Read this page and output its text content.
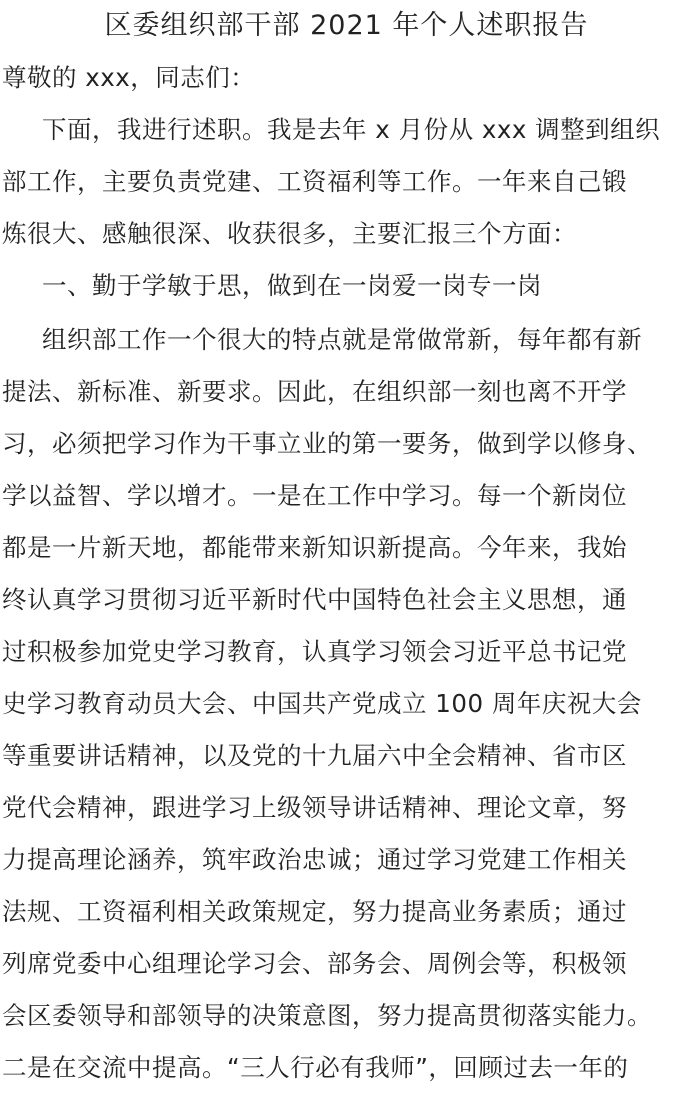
区委组织部干部 2021 年个人述职报告
尊敬的 xxx，同志们：
下面，我进行述职。我是去年 x 月份从 xxx 调整到组织
部工作，主要负责党建、工资福利等工作。一年来自己锻
炼很大、感触很深、收获很多，主要汇报三个方面：
一、勤于学敏于思，做到在一岗爱一岗专一岗
组织部工作一个很大的特点就是常做常新，每年都有新
提法、新标准、新要求。因此，在组织部一刻也离不开学
习，必须把学习作为干事立业的第一要务，做到学以修身、
学以益智、学以增才。一是在工作中学习。每一个新岗位
都是一片新天地，都能带来新知识新提高。今年来，我始
终认真学习贯彻习近平新时代中国特色社会主义思想，通
过积极参加党史学习教育，认真学习领会习近平总书记党
史学习教育动员大会、中国共产党成立 100 周年庆祝大会
等重要讲话精神，以及党的十九届六中全会精神、省市区
党代会精神，跟进学习上级领导讲话精神、理论文章，努
力提高理论涵养，筑牢政治忠诚；通过学习党建工作相关
法规、工资福利相关政策规定，努力提高业务素质；通过
列席党委中心组理论学习会、部务会、周例会等，积极领
会区委领导和部领导的决策意图，努力提高贯彻落实能力。
二是在交流中提高。“三人行必有我师”，回顾过去一年的
